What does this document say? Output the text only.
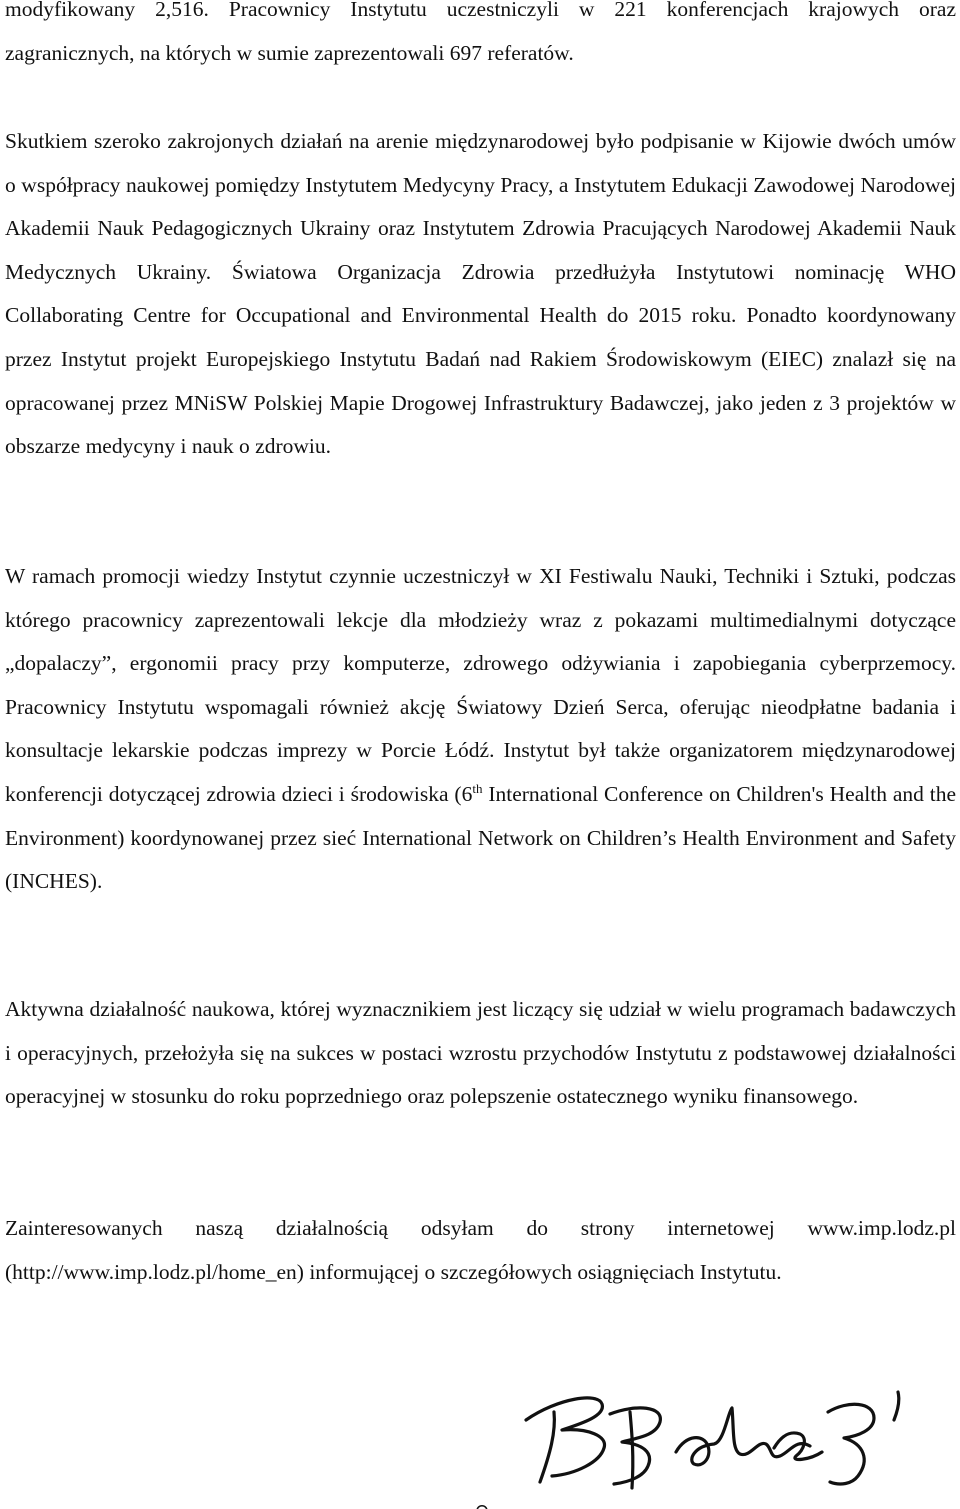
modyfikowany 2,516. Pracownicy Instytutu uczestniczyli w 221 konferencjach krajowych oraz zagranicznych, na których w sumie zaprezentowali 697 referatów.

Skutkiem szeroko zakrojonych działań na arenie międzynarodowej było podpisanie w Kijowie dwóch umów o współpracy naukowej pomiędzy Instytutem Medycyny Pracy, a Instytutem Edukacji Zawodowej Narodowej Akademii Nauk Pedagogicznych Ukrainy oraz Instytutem Zdrowia Pracujących Narodowej Akademii Nauk Medycznych Ukrainy. Światowa Organizacja Zdrowia przedłużyła Instytutowi nominację WHO Collaborating Centre for Occupational and Environmental Health do 2015 roku. Ponadto koordynowany przez Instytut projekt Europejskiego Instytutu Badań nad Rakiem Środowiskowym (EIEC) znalazł się na opracowanej przez MNiSW Polskiej Mapie Drogowej Infrastruktury Badawczej, jako jeden z 3 projektów w obszarze medycyny i nauk o zdrowiu.

W ramach promocji wiedzy Instytut czynnie uczestniczył w XI Festiwalu Nauki, Techniki i Sztuki, podczas którego pracownicy zaprezentowali lekcje dla młodzieży wraz z pokazami multimedialnymi dotyczące „dopalaczy”, ergonomii pracy przy komputerze, zdrowego odżywiania i zapobiegania cyberprzemocy. Pracownicy Instytutu wspomagali również akcję Światowy Dzień Serca, oferując nieodpłatne badania i konsultacje lekarskie podczas imprezy w Porcie Łódź. Instytut był także organizatorem międzynarodowej konferencji dotyczącej zdrowia dzieci i środowiska (6th International Conference on Children's Health and the Environment) koordynowanej przez sieć International Network on Children’s Health Environment and Safety (INCHES).

Aktywna działalność naukowa, której wyznacznikiem jest liczący się udział w wielu programach badawczych i operacyjnych, przełożyła się na sukces w postaci wzrostu przychodów Instytutu z podstawowej działalności operacyjnej w stosunku do roku poprzedniego oraz polepszenie ostatecznego wyniku finansowego.

Zainteresowanych naszą działalnością odsyłam do strony internetowej www.imp.lodz.pl (http://www.imp.lodz.pl/home_en) informującej o szczegółowych osiągnięciach Instytutu.
